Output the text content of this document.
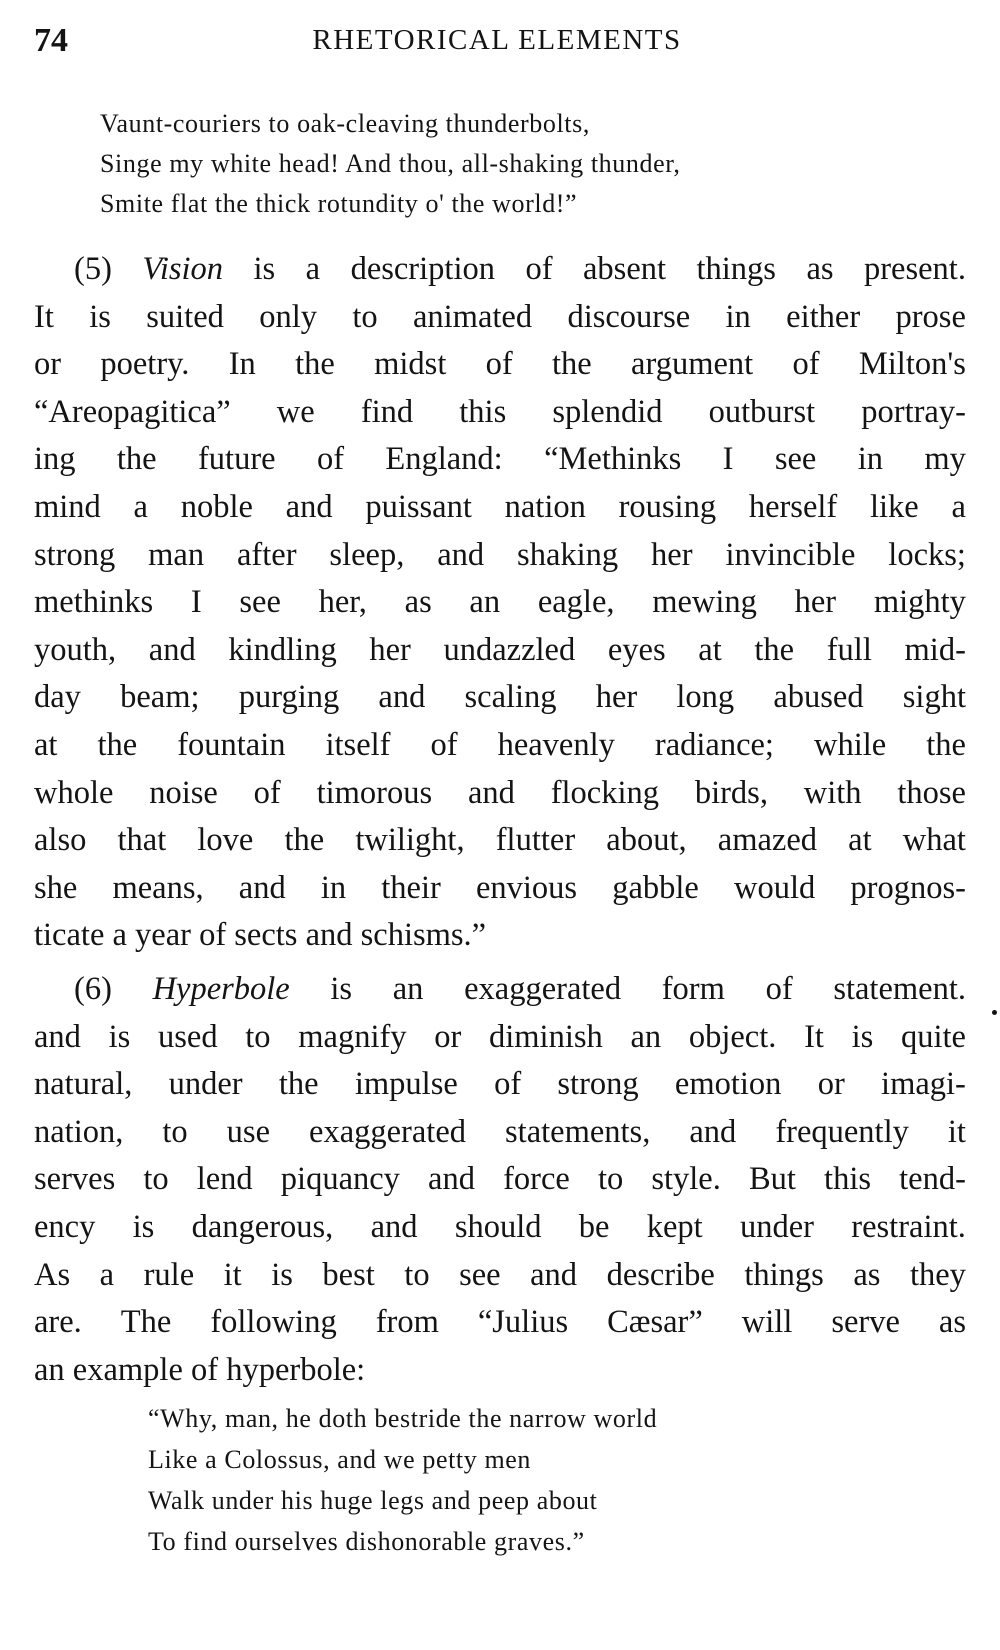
74	RHETORICAL ELEMENTS
Vaunt-couriers to oak-cleaving thunderbolts,
Singe my white head! And thou, all-shaking thunder,
Smite flat the thick rotundity o' the world!”
(5) Vision is a description of absent things as present.
It is suited only to animated discourse in either prose
or poetry. In the midst of the argument of Milton's
“Areopagitica” we find this splendid outburst portray-
ing the future of England: “Methinks I see in my
mind a noble and puissant nation rousing herself like a
strong man after sleep, and shaking her invincible locks;
methinks I see her, as an eagle, mewing her mighty
youth, and kindling her undazzled eyes at the full mid-
day beam; purging and scaling her long abused sight
at the fountain itself of heavenly radiance; while the
whole noise of timorous and flocking birds, with those
also that love the twilight, flutter about, amazed at what
she means, and in their envious gabble would prognos-
ticate a year of sects and schisms.”
(6) Hyperbole is an exaggerated form of statement.
and is used to magnify or diminish an object. It is quite
natural, under the impulse of strong emotion or imagi-
nation, to use exaggerated statements, and frequently it
serves to lend piquancy and force to style. But this tend-
ency is dangerous, and should be kept under restraint.
As a rule it is best to see and describe things as they
are. The following from “Julius Cæsar” will serve as
an example of hyperbole:
“Why, man, he doth bestride the narrow world
Like a Colossus, and we petty men
Walk under his huge legs and peep about
To find ourselves dishonorable graves.”
